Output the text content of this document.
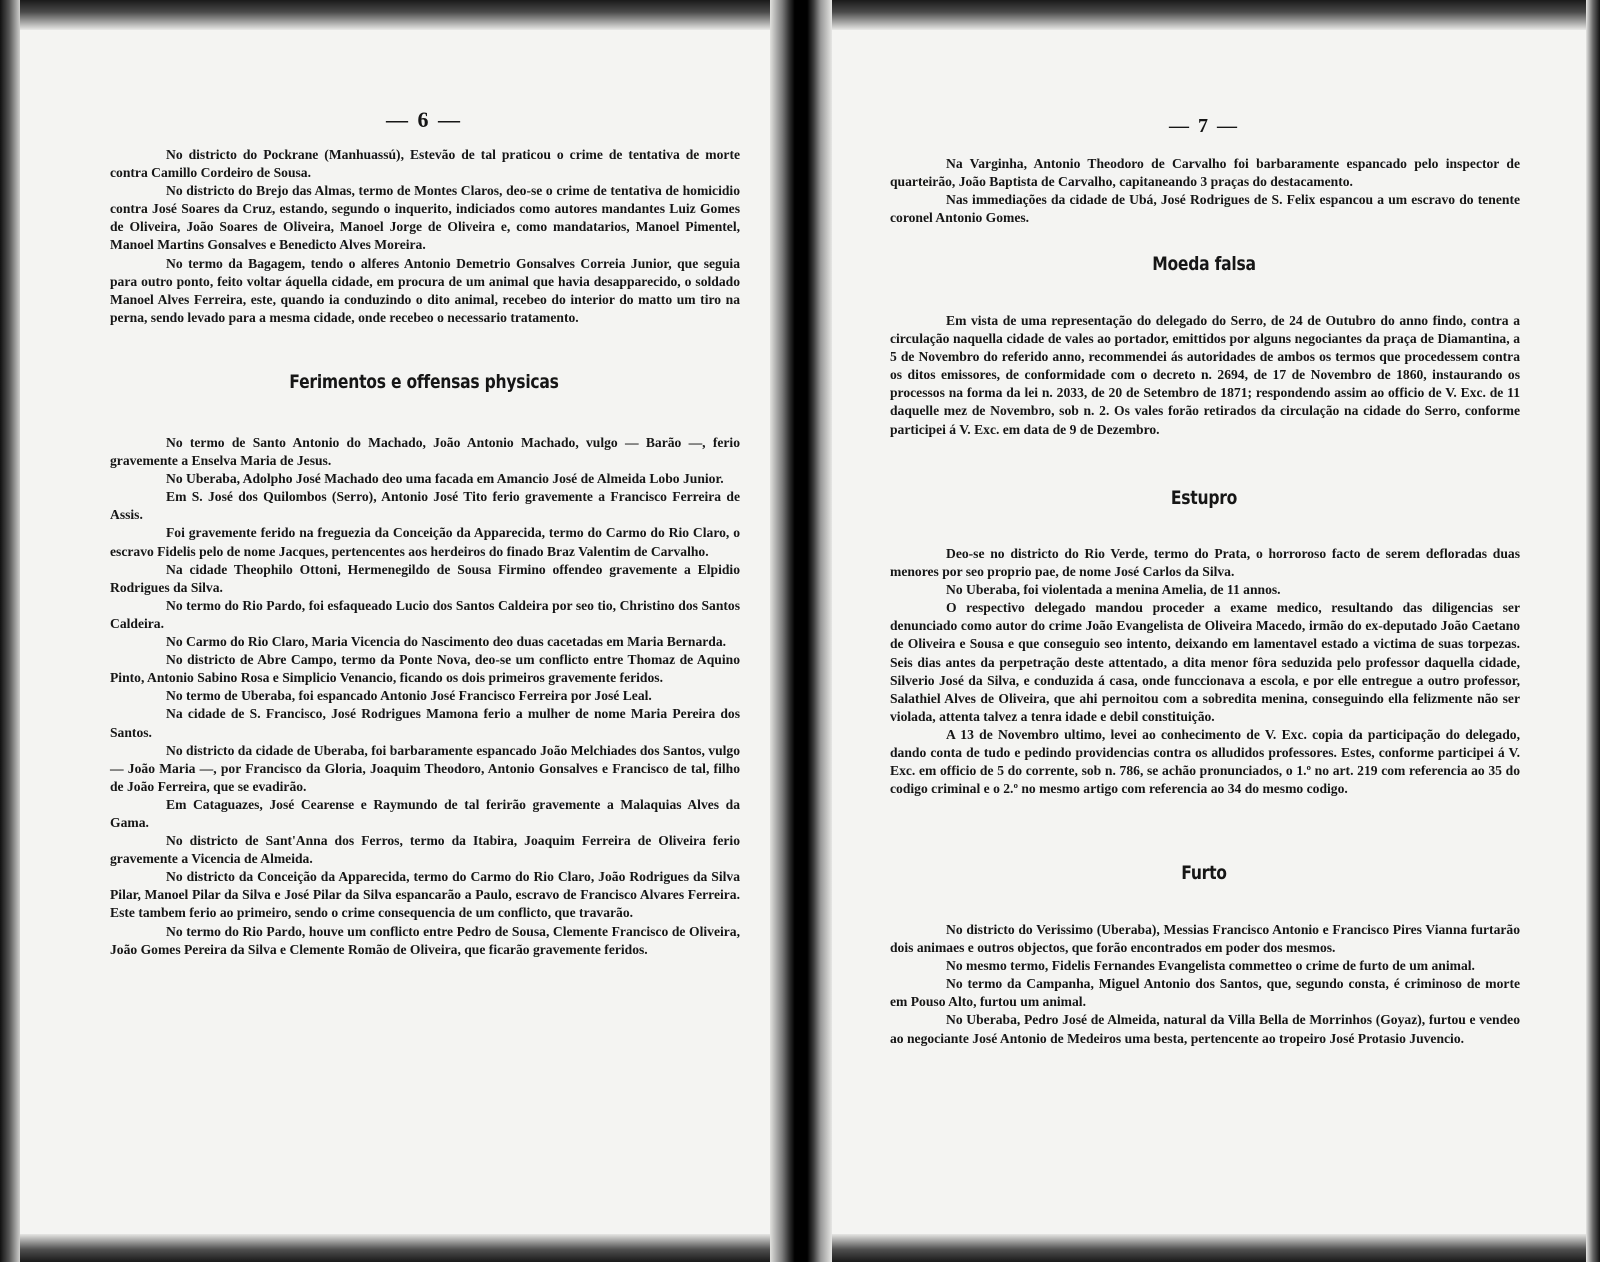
— 6 —

No districto do Pockrane (Manhuassú), Estevão de tal praticou o crime de tentativa de morte contra Camillo Cordeiro de Sousa.

No districto do Brejo das Almas, termo de Montes Claros, deo-se o crime de tentativa de homicidio contra José Soares da Cruz, estando, segundo o inquerito, indiciados como autores mandantes Luiz Gomes de Oliveira, João Soares de Oliveira, Manoel Jorge de Oliveira e, como mandatarios, Manoel Pimentel, Manoel Martins Gonsalves e Benedicto Alves Moreira.

No termo da Bagagem, tendo o alferes Antonio Demetrio Gonsalves Correia Junior, que seguia para outro ponto, feito voltar áquella cidade, em procura de um animal que havia desapparecido, o soldado Manoel Alves Ferreira, este, quando ia conduzindo o dito animal, recebeo do interior do matto um tiro na perna, sendo levado para a mesma cidade, onde recebeo o necessario tratamento.

Ferimentos e offensas physicas

No termo de Santo Antonio do Machado, João Antonio Machado, vulgo — Barão —, ferio gravemente a Enselva Maria de Jesus.

No Uberaba, Adolpho José Machado deo uma facada em Amancio José de Almeida Lobo Junior.

Em S. José dos Quilombos (Serro), Antonio José Tito ferio gravemente a Francisco Ferreira de Assis.

Foi gravemente ferido na freguezia da Conceição da Apparecida, termo do Carmo do Rio Claro, o escravo Fidelis pelo de nome Jacques, pertencentes aos herdeiros do finado Braz Valentim de Carvalho.

Na cidade Theophilo Ottoni, Hermenegildo de Sousa Firmino offendeo gravemente a Elpidio Rodrigues da Silva.

No termo do Rio Pardo, foi esfaqueado Lucio dos Santos Caldeira por seo tio, Christino dos Santos Caldeira.

No Carmo do Rio Claro, Maria Vicencia do Nascimento deo duas cacetadas em Maria Bernarda.

No districto de Abre Campo, termo da Ponte Nova, deo-se um conflicto entre Thomaz de Aquino Pinto, Antonio Sabino Rosa e Simplicio Venancio, ficando os dois primeiros gravemente feridos.

No termo de Uberaba, foi espancado Antonio José Francisco Ferreira por José Leal.

Na cidade de S. Francisco, José Rodrigues Mamona ferio a mulher de nome Maria Pereira dos Santos.

No districto da cidade de Uberaba, foi barbaramente espancado João Melchiades dos Santos, vulgo — João Maria —, por Francisco da Gloria, Joaquim Theodoro, Antonio Gonsalves e Francisco de tal, filho de João Ferreira, que se evadirão.

Em Cataguazes, José Cearense e Raymundo de tal ferirão gravemente a Malaquias Alves da Gama.

No districto de Sant'Anna dos Ferros, termo da Itabira, Joaquim Ferreira de Oliveira ferio gravemente a Vicencia de Almeida.

No districto da Conceição da Apparecida, termo do Carmo do Rio Claro, João Rodrigues da Silva Pilar, Manoel Pilar da Silva e José Pilar da Silva espancarão a Paulo, escravo de Francisco Alvares Ferreira. Este tambem ferio ao primeiro, sendo o crime consequencia de um conflicto, que travarão.

No termo do Rio Pardo, houve um conflicto entre Pedro de Sousa, Clemente Francisco de Oliveira, João Gomes Pereira da Silva e Clemente Romão de Oliveira, que ficarão gravemente feridos.

— 7 —

Na Varginha, Antonio Theodoro de Carvalho foi barbaramente espancado pelo inspector de quarteirão, João Baptista de Carvalho, capitaneando 3 praças do destacamento.

Nas immediações da cidade de Ubá, José Rodrigues de S. Felix espancou a um escravo do tenente coronel Antonio Gomes.

Moeda falsa

Em vista de uma representação do delegado do Serro, de 24 de Outubro do anno findo, contra a circulação naquella cidade de vales ao portador, emittidos por alguns negociantes da praça de Diamantina, a 5 de Novembro do referido anno, recommendei ás autoridades de ambos os termos que procedessem contra os ditos emissores, de conformidade com o decreto n. 2694, de 17 de Novembro de 1860, instaurando os processos na forma da lei n. 2033, de 20 de Setembro de 1871; respondendo assim ao officio de V. Exc. de 11 daquelle mez de Novembro, sob n. 2. Os vales forão retirados da circulação na cidade do Serro, conforme participei á V. Exc. em data de 9 de Dezembro.

Estupro

Deo-se no districto do Rio Verde, termo do Prata, o horroroso facto de serem defloradas duas menores por seo proprio pae, de nome José Carlos da Silva.

No Uberaba, foi violentada a menina Amelia, de 11 annos.

O respectivo delegado mandou proceder a exame medico, resultando das diligencias ser denunciado como autor do crime João Evangelista de Oliveira Macedo, irmão do ex-deputado João Caetano de Oliveira e Sousa e que conseguio seo intento, deixando em lamentavel estado a victima de suas torpezas. Seis dias antes da perpetração deste attentado, a dita menor fôra seduzida pelo professor daquella cidade, Silverio José da Silva, e conduzida á casa, onde funccionava a escola, e por elle entregue a outro professor, Salathiel Alves de Oliveira, que ahi pernoitou com a sobredita menina, conseguindo ella felizmente não ser violada, attenta talvez a tenra idade e debil constituição.

A 13 de Novembro ultimo, levei ao conhecimento de V. Exc. copia da participação do delegado, dando conta de tudo e pedindo providencias contra os alludidos professores. Estes, conforme participei á V. Exc. em officio de 5 do corrente, sob n. 786, se achão pronunciados, o 1.º no art. 219 com referencia ao 35 do codigo criminal e o 2.º no mesmo artigo com referencia ao 34 do mesmo codigo.

Furto

No districto do Verissimo (Uberaba), Messias Francisco Antonio e Francisco Pires Vianna furtarão dois animaes e outros objectos, que forão encontrados em poder dos mesmos.

No mesmo termo, Fidelis Fernandes Evangelista commetteo o crime de furto de um animal.

No termo da Campanha, Miguel Antonio dos Santos, que, segundo consta, é criminoso de morte em Pouso Alto, furtou um animal.

No Uberaba, Pedro José de Almeida, natural da Villa Bella de Morrinhos (Goyaz), furtou e vendeo ao negociante José Antonio de Medeiros uma besta, pertencente ao tropeiro José Protasio Juvencio.
